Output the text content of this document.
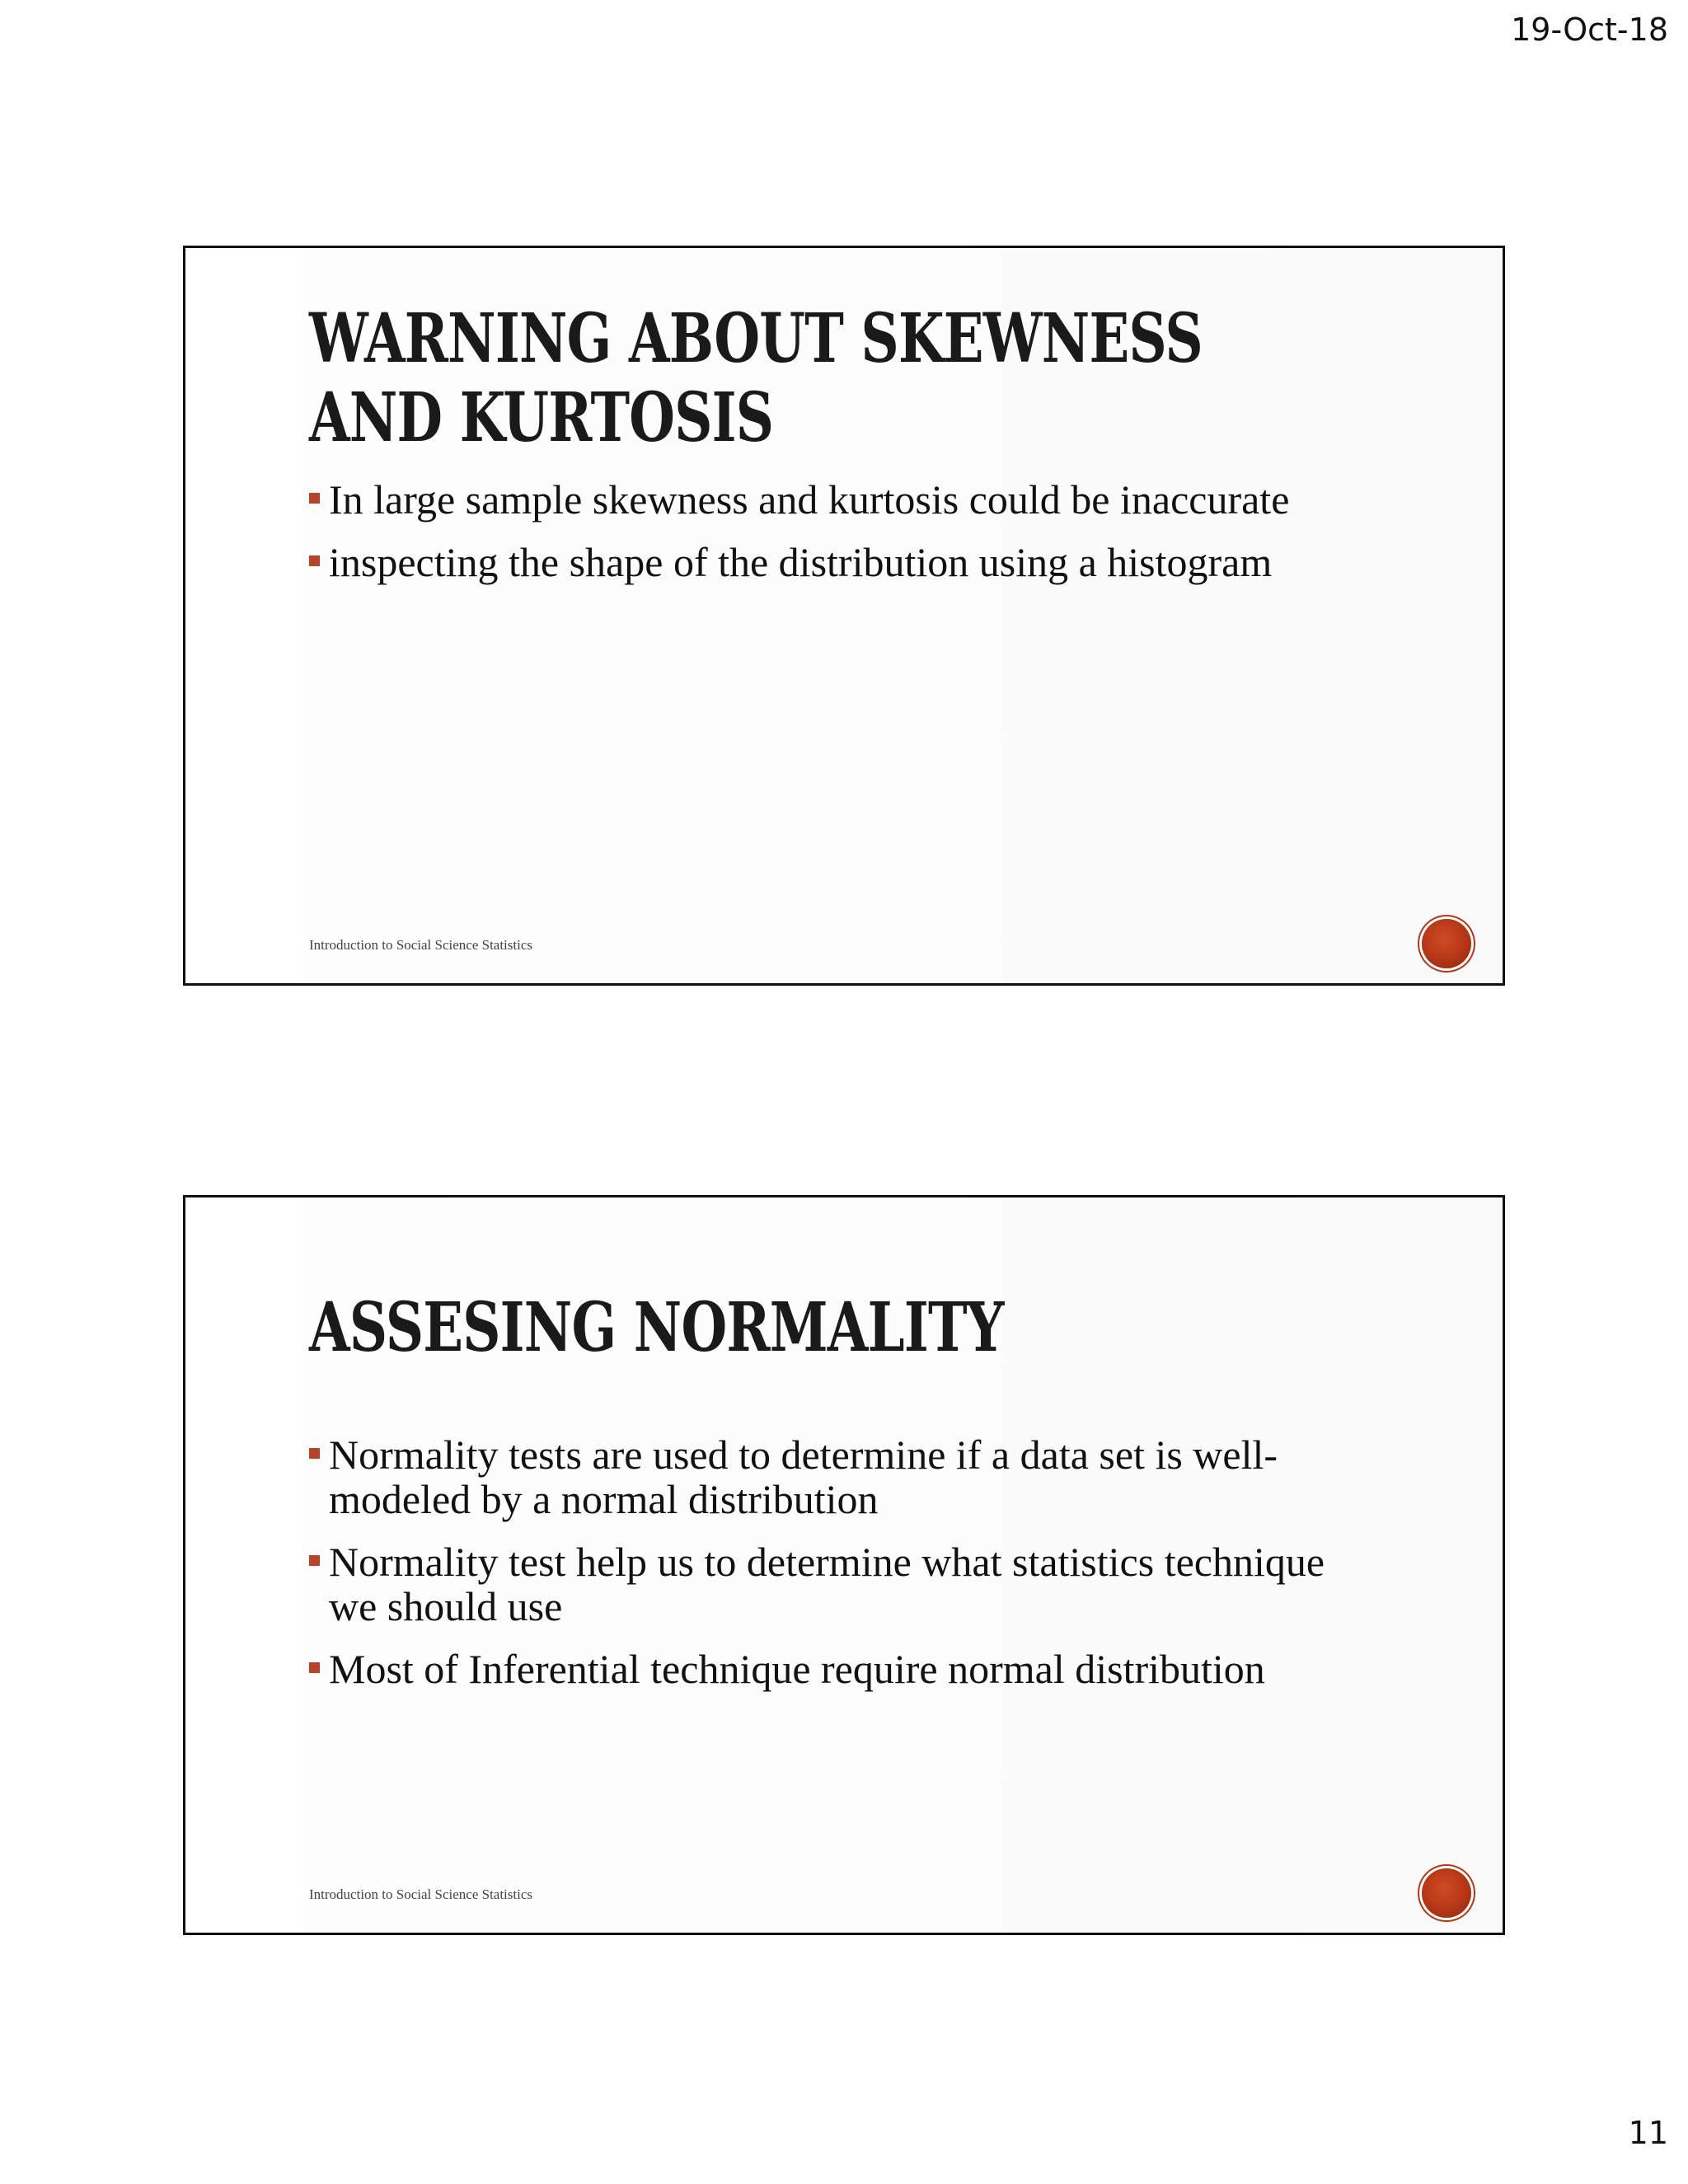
19-Oct-18
WARNING ABOUT SKEWNESS AND KURTOSIS
In large sample skewness and kurtosis could be inaccurate
inspecting the shape of the distribution using a histogram
Introduction to Social Science Statistics
ASSESING NORMALITY
Normality tests are used to determine if a data set is well-modeled by a normal distribution
Normality test help us to determine what statistics technique we should use
Most of Inferential technique require normal distribution
Introduction to Social Science Statistics
11
